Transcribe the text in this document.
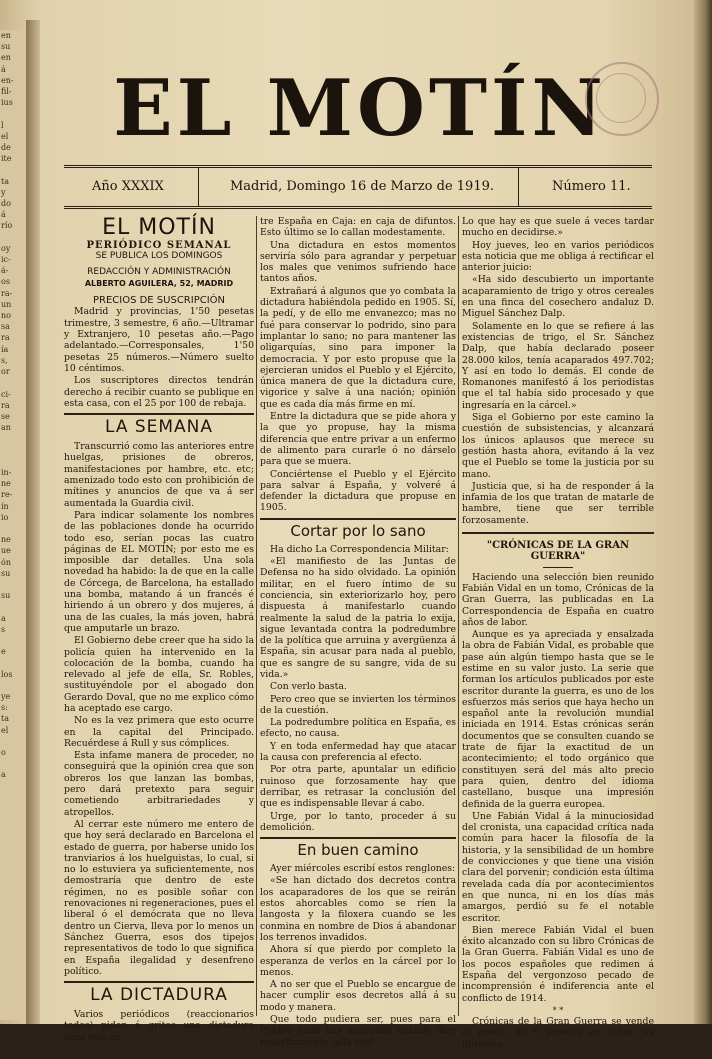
en
su
en
á
en-
fil-
ius

l
el
de
ite

ta
y
do
á
río

oy
ic-
á-
os
ra-
un
no
sa
ra
ía
s,
or

ci-
ra
se
an

in-
ne
re-
ín
io

ne
ue
ón
su

su

a
s

e

los

ye
s:
ta
el

o

a
EL MOTÍN
Año XXXIX	Madrid, Domingo 16 de Marzo de 1919.	Número 11.
EL MOTÍN
PERIÓDICO SEMANAL
SE PUBLICA LOS DOMINGOS
REDACCIÓN Y ADMINISTRACIÓN
ALBERTO AGUILERA, 52, MADRID
PRECIOS DE SUSCRIPCIÓN

Madrid y provincias, 1'50 pesetas trimestre, 3 semestre, 6 año.—Ultramar y Extranjero, 10 pesetas año.—Pago adelantado.—Corresponsales, 1'50 pesetas 25 números.—Número suelto 10 céntimos.

Los suscriptores directos tendrán derecho á recibir cuanto se publique en esta casa, con el 25 por 100 de rebaja.

LA SEMANA

Transcurrió como las anteriores entre huelgas, prisiones de obreros, manifestaciones por hambre, etc. etc; amenizado todo esto con prohibición de mítines y anuncios de que va á ser aumentada la Guardia civil.

Para indicar solamente los nombres de las poblaciones donde ha ocurrido todo eso, serían pocas las cuatro páginas de EL MOTÍN; por esto me es imposible dar detalles. Una sola novedad ha habido: la de que en la calle de Córcega, de Barcelona, ha estallado una bomba, matando á un francés é hiriendo á un obrero y dos mujeres, á una de las cuales, la más joven, habrá que amputarle un brazo.

El Gobierno debe creer que ha sido la policía quien ha intervenido en la colocación de la bomba, cuando ha relevado al jefe de ella, Sr. Robles, sustituyéndole por el abogado don Gerardo Doval, que no me explico cómo ha aceptado ese cargo.

No es la vez primera que esto ocurre en la capital del Principado. Recuérdese á Rull y sus cómplices.

Esta infame manera de proceder, no conseguirá que la opinión crea que son obreros los que lanzan las bombas, pero dará pretexto para seguir cometiendo arbitrariedades y atropellos.

Al cerrar este número me entero de que hoy será declarado en Barcelona el estado de guerra, por haberse unido los tranviarios á los huelguistas, lo cual, si no lo estuviera ya suficientemente, nos demostraría que dentro de este régimen, no es posible soñar con renovaciones ni regeneraciones, pues el liberal ó el demócrata que no lleva dentro un Cierva, lleva por lo menos un Sánchez Guerra, esos dos tipejos representativos de todo lo que significa en España ilegalidad y desenfreno político.

LA DICTADURA

Varios periódicos (reaccionarios todos) piden á gritos una dictadura para que en-

tre España en Caja: en caja de difuntos. Esto último se lo callan modestamente.

Una dictadura en estos momentos serviría sólo para agrandar y perpetuar los males que venimos sufriendo hace tantos años.

Extrañará á algunos que yo combata la dictadura habiéndola pedido en 1905. Sí, la pedí, y de ello me envanezco; mas no fué para conservar lo podrido, sino para implantar lo sano; no para mantener las oligarquías, sino para imponer la democracia. Y por esto propuse que la ejercieran unidos el Pueblo y el Ejército, única manera de que la dictadura cure, vigorice y salve á una nación; opinión que es cada día más firme en mí.

Entre la dictadura que se pide ahora y la que yo propuse, hay la misma diferencia que entre privar a un enfermo de alimento para curarle ó no dárselo para que se muera.

Conciértense el Pueblo y el Ejército para salvar á España, y volveré á defender la dictadura que propuse en 1905.

Cortar por lo sano

Ha dicho La Correspondencia Militar:

«El manifiesto de las Juntas de Defensa no ha sido olvidado. La opinión militar, en el fuero íntimo de su conciencia, sin exteriorizarlo hoy, pero dispuesta á manifestarlo cuando realmente la salud de la patria lo exija, sigue levantada contra la podredumbre de la política que arruina y avergüenza á España, sin acusar para nada al pueblo, que es sangre de su sangre, vida de su vida.»

Con verlo basta.

Pero creo que se invierten los términos de la cuestión.

La podredumbre política en España, es efecto, no causa.

Y en toda enfermedad hay que atacar la causa con preferencia al efecto.

Por otra parte, apuntalar un edificio ruinoso que forzosamente hay que derribar, es retrasar la conclusión del que es indispensable llevar á cabo.

Urge, por lo tanto, proceder á su demolición.

En buen camino

Ayer miércoles escribí estos renglones:

«Se han dictado dos decretos contra los acaparadores de los que se reirán estos ahorcables como se ríen la langosta y la filoxera cuando se les conmina en nombre de Dios á abandonar los terrenos invadidos.

Ahora sí que pierdo por completo la esperanza de verlos en la cárcel por lo menos.

A no ser que el Pueblo se encargue de hacer cumplir esos decretos allá á su modo y manera.

Que todo pudiera ser, pues para el Pueblo nada hay imposible cuando dice resueltamente ¡allá voy!

Lo que hay es que suele á veces tardar mucho en decidirse.»

Hoy jueves, leo en varios periódicos esta noticia que me obliga á rectificar el anterior juicio:

«Ha sido descubierto un importante acaparamiento de trigo y otros cereales en una finca del cosechero andaluz D. Miguel Sánchez Dalp.

Solamente en lo que se refiere á las existencias de trigo, el Sr. Sánchez Dalp, que había declarado poseer 28.000 kilos, tenía acaparados 497.702; Y así en todo lo demás. El conde de Romanones manifestó á los periodistas que el tal había sido procesado y que ingresaría en la cárcel.»

Siga el Gobierno por este camino la cuestión de subsistencias, y alcanzará los únicos aplausos que merece su gestión hasta ahora, evitando á la vez que el Pueblo se tome la justicia por su mano.

Justicia que, si ha de responder á la infamia de los que tratan de matarle de hambre, tiene que ser terrible forzosamente.

"CRÓNICAS DE LA GRAN GUERRA"

Haciendo una selección bien reunido Fabián Vidal en un tomo, Crónicas de la Gran Guerra, las publicadas en La Correspondencia de España en cuatro años de labor.

Aunque es ya apreciada y ensalzada la obra de Fabián Vidal, es probable que pase aún algún tiempo hasta que se le estime en su valor justo. La serie que forman los artículos publicados por este escritor durante la guerra, es uno de los esfuerzos más serios que haya hecho un español ante la revolución mundial iniciada en 1914. Estas crónicas serán documentos que se consulten cuando se trate de fijar la exactitud de un acontecimiento; el todo orgánico que constituyen será del más alto precio para quien, dentro del idioma castellano, busque una impresión definida de la guerra europea.

Une Fabián Vidal á la minuciosidad del cronista, una capacidad crítica nada común para hacer la filosofía de la historia, y la sensibilidad de un hombre de convicciones y que tiene una visión clara del porvenir; condición esta última revelada cada día por acontecimientos en que nunca, ni en los días más amargos, perdió su fe el notable escritor.

Bien merece Fabián Vidal el buen éxito alcanzado con su libro Crónicas de la Gran Guerra. Fabián Vidal es uno de los pocos españoles que redimen á España del vergonzoso pecado de incomprensión é indiferencia ante el conflicto de 1914.

* *

Crónicas de la Gran Guerra se vende al precio de 6 pesetas en todas las librerías.
